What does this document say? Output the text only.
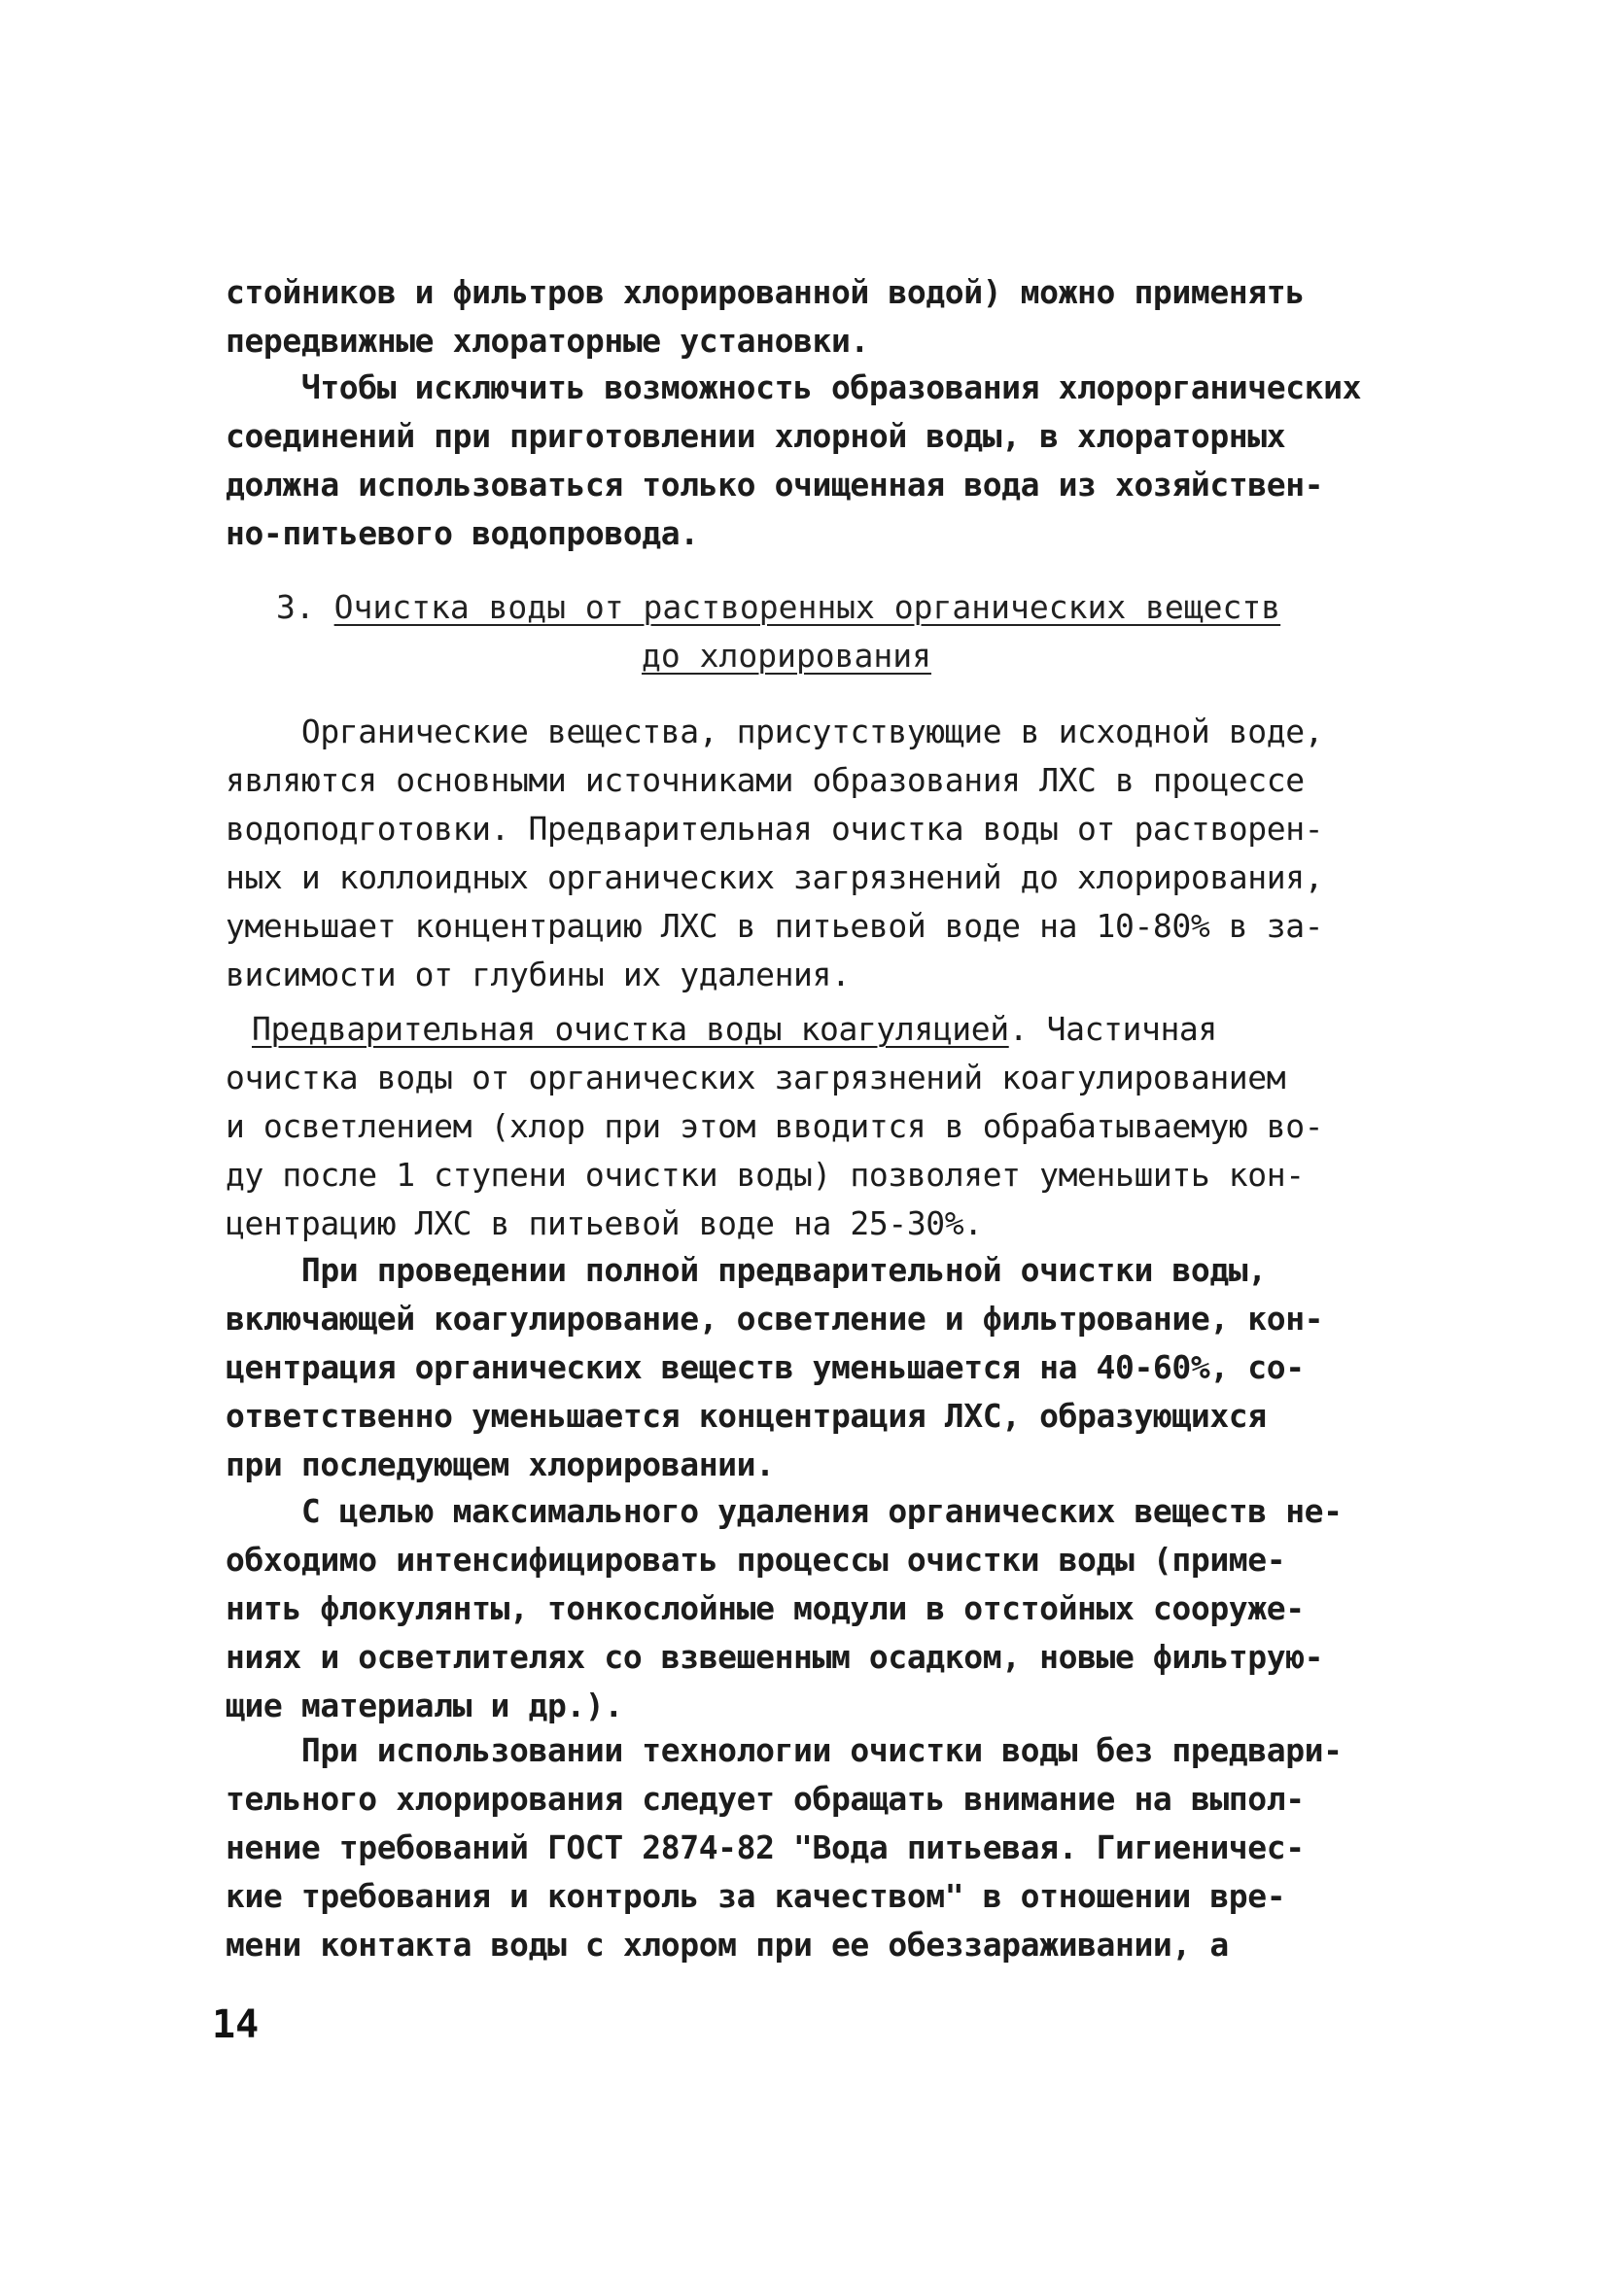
стойников и фильтров хлорированной водой) можно применять
передвижные хлораторные установки.
Чтобы исключить возможность образования хлорорганических
соединений при приготовлении хлорной воды, в хлораторных
должна использоваться только очищенная вода из хозяйствен-
но-питьевого водопровода.
3. Очистка воды от растворенных органических веществ
до хлорирования
Органические вещества, присутствующие в исходной воде,
являются основными источниками образования ЛХС в процессе
водоподготовки. Предварительная очистка воды от растворен-
ных и коллоидных органических загрязнений до хлорирования,
уменьшает концентрацию ЛХС в питьевой воде на 10-80% в за-
висимости от глубины их удаления.
Предварительная очистка воды коагуляцией. Частичная
очистка воды от органических загрязнений коагулированием
и осветлением (хлор при этом вводится в обрабатываемую во-
ду после 1 ступени очистки воды) позволяет уменьшить кон-
центрацию ЛХС в питьевой воде на 25-30%.
При проведении полной предварительной очистки воды,
включающей коагулирование, осветление и фильтрование, кон-
центрация органических веществ уменьшается на 40-60%, со-
ответственно уменьшается концентрация ЛХС, образующихся
при последующем хлорировании.
С целью максимального удаления органических веществ не-
обходимо интенсифицировать процессы очистки воды (приме-
нить флокулянты, тонкослойные модули в отстойных сооруже-
ниях и осветлителях со взвешенным осадком, новые фильтрую-
щие материалы и др.).
При использовании технологии очистки воды без предвари-
тельного хлорирования следует обращать внимание на выпол-
нение требований ГОСТ 2874-82 "Вода питьевая. Гигиеничес-
кие требования и контроль за качеством" в отношении вре-
мени контакта воды с хлором при ее обеззараживании, а
14
